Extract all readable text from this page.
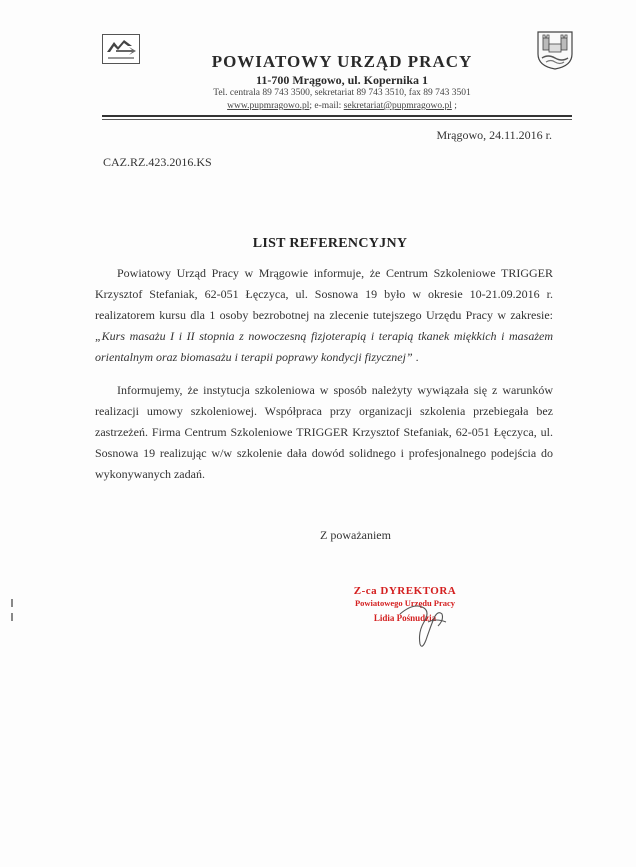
POWIATOWY URZĄD PRACY
11-700 Mrągowo, ul. Kopernika 1
Tel. centrala 89 743 3500, sekretariat 89 743 3510, fax 89 743 3501
www.pupmragowo.pl; e-mail: sekretariat@pupmragowo.pl ;
Mrągowo, 24.11.2016 r.
CAZ.RZ.423.2016.KS
LIST REFERENCYJNY
Powiatowy Urząd Pracy w Mrągowie informuje, że Centrum Szkoleniowe TRIGGER Krzysztof Stefaniak, 62-051 Łęczyca, ul. Sosnowa 19 było w okresie 10-21.09.2016 r. realizatorem kursu dla 1 osoby bezrobotnej na zlecenie tutejszego Urzędu Pracy w zakresie: „Kurs masażu I i II stopnia z nowoczesną fizjoterapią i terapią tkanek miękkich i masażem orientalnym oraz biomasażu i terapii poprawy kondycji fizycznej” .
Informujemy, że instytucja szkoleniowa w sposób należyty wywiązała się z warunków realizacji umowy szkoleniowej. Współpraca przy organizacji szkolenia przebiegała bez zastrzeżeń. Firma Centrum Szkoleniowe TRIGGER Krzysztof Stefaniak, 62-051 Łęczyca, ul. Sosnowa 19 realizując w/w szkolenie dała dowód solidnego i profesjonalnego podejścia do wykonywanych zadań.
Z poważaniem
Z-ca DYREKTORA
Powiatowego Urzędu Pracy
Lidia Pośnudzia
